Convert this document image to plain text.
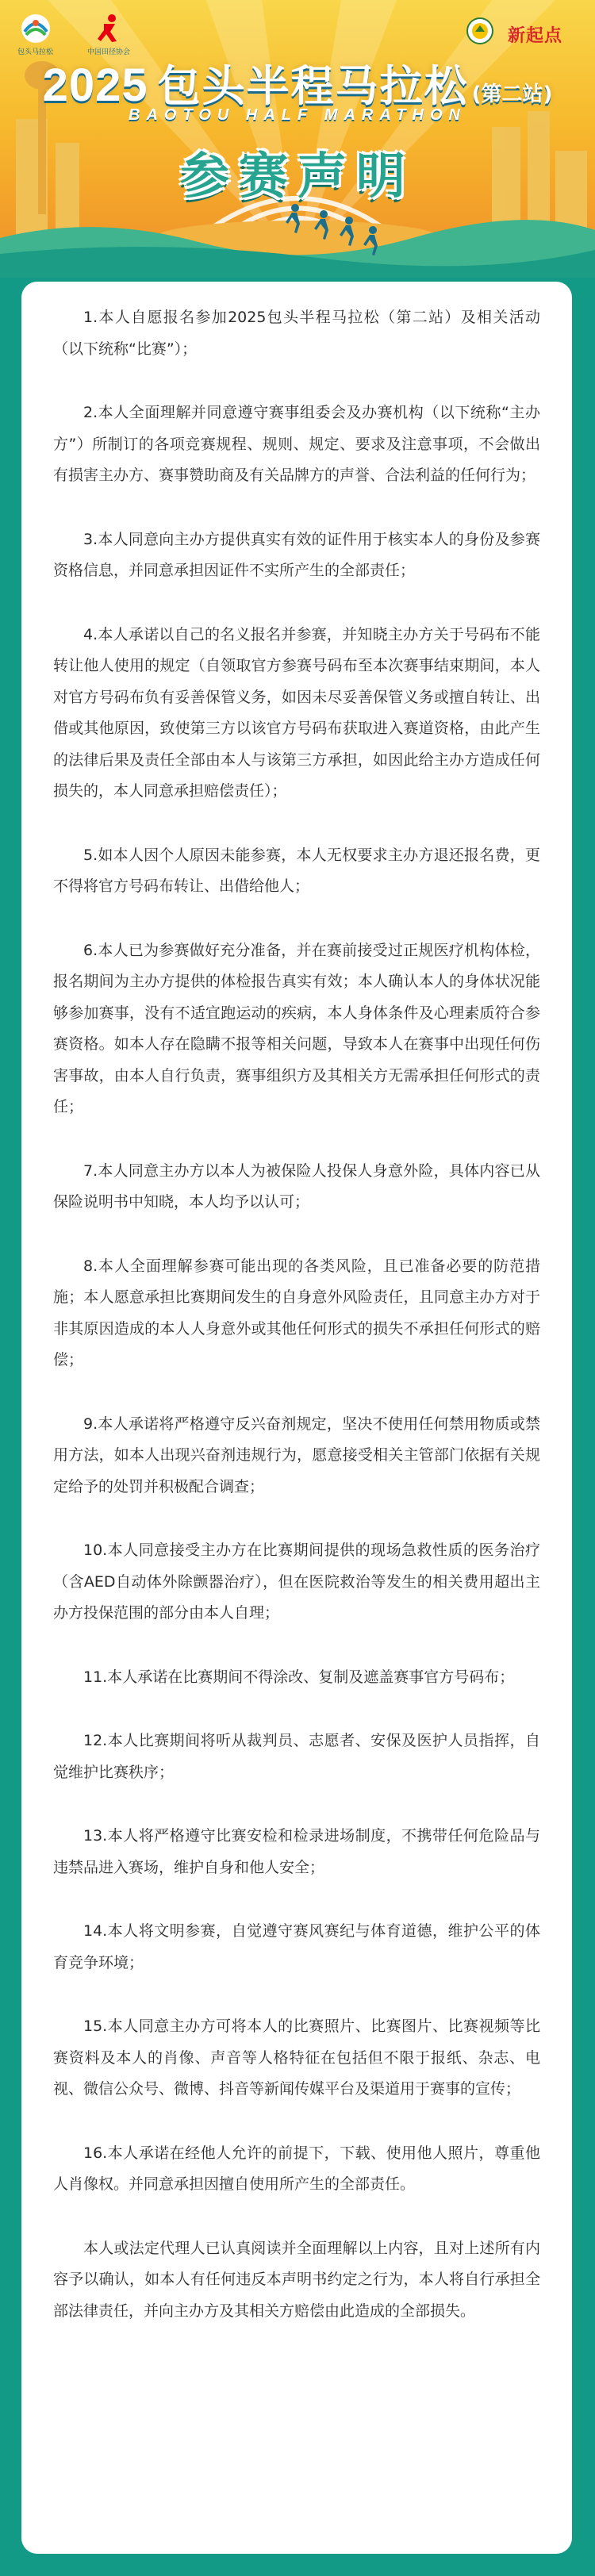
包头马拉松	中国田径协会
新起点
2025 包头半程马拉松 (第二站)
BAOTOU HALF MARATHON
参赛声明

1.本人自愿报名参加2025包头半程马拉松（第二站）及相关活动（以下统称“比赛”）；

2.本人全面理解并同意遵守赛事组委会及办赛机构（以下统称“主办方”）所制订的各项竞赛规程、规则、规定、要求及注意事项，不会做出有损害主办方、赛事赞助商及有关品牌方的声誉、合法利益的任何行为；

3.本人同意向主办方提供真实有效的证件用于核实本人的身份及参赛资格信息，并同意承担因证件不实所产生的全部责任；

4.本人承诺以自己的名义报名并参赛，并知晓主办方关于号码布不能转让他人使用的规定（自领取官方参赛号码布至本次赛事结束期间，本人对官方号码布负有妥善保管义务，如因未尽妥善保管义务或擅自转让、出借或其他原因，致使第三方以该官方号码布获取进入赛道资格，由此产生的法律后果及责任全部由本人与该第三方承担，如因此给主办方造成任何损失的，本人同意承担赔偿责任）；

5.如本人因个人原因未能参赛，本人无权要求主办方退还报名费，更不得将官方号码布转让、出借给他人；

6.本人已为参赛做好充分准备，并在赛前接受过正规医疗机构体检，报名期间为主办方提供的体检报告真实有效；本人确认本人的身体状况能够参加赛事，没有不适宜跑运动的疾病，本人身体条件及心理素质符合参赛资格。如本人存在隐瞒不报等相关问题，导致本人在赛事中出现任何伤害事故，由本人自行负责，赛事组织方及其相关方无需承担任何形式的责任；

7.本人同意主办方以本人为被保险人投保人身意外险，具体内容已从保险说明书中知晓，本人均予以认可；

8.本人全面理解参赛可能出现的各类风险，且已准备必要的防范措施；本人愿意承担比赛期间发生的自身意外风险责任，且同意主办方对于非其原因造成的本人人身意外或其他任何形式的损失不承担任何形式的赔偿；

9.本人承诺将严格遵守反兴奋剂规定，坚决不使用任何禁用物质或禁用方法，如本人出现兴奋剂违规行为，愿意接受相关主管部门依据有关规定给予的处罚并积极配合调查；

10.本人同意接受主办方在比赛期间提供的现场急救性质的医务治疗（含AED自动体外除颤器治疗），但在医院救治等发生的相关费用超出主办方投保范围的部分由本人自理；

11.本人承诺在比赛期间不得涂改、复制及遮盖赛事官方号码布；

12.本人比赛期间将听从裁判员、志愿者、安保及医护人员指挥，自觉维护比赛秩序；

13.本人将严格遵守比赛安检和检录进场制度，不携带任何危险品与违禁品进入赛场，维护自身和他人安全；

14.本人将文明参赛，自觉遵守赛风赛纪与体育道德，维护公平的体育竞争环境；

15.本人同意主办方可将本人的比赛照片、比赛图片、比赛视频等比赛资料及本人的肖像、声音等人格特征在包括但不限于报纸、杂志、电视、微信公众号、微博、抖音等新闻传媒平台及渠道用于赛事的宣传；

16.本人承诺在经他人允许的前提下，下载、使用他人照片，尊重他人肖像权。并同意承担因擅自使用所产生的全部责任。

本人或法定代理人已认真阅读并全面理解以上内容，且对上述所有内容予以确认，如本人有任何违反本声明书约定之行为，本人将自行承担全部法律责任，并向主办方及其相关方赔偿由此造成的全部损失。
